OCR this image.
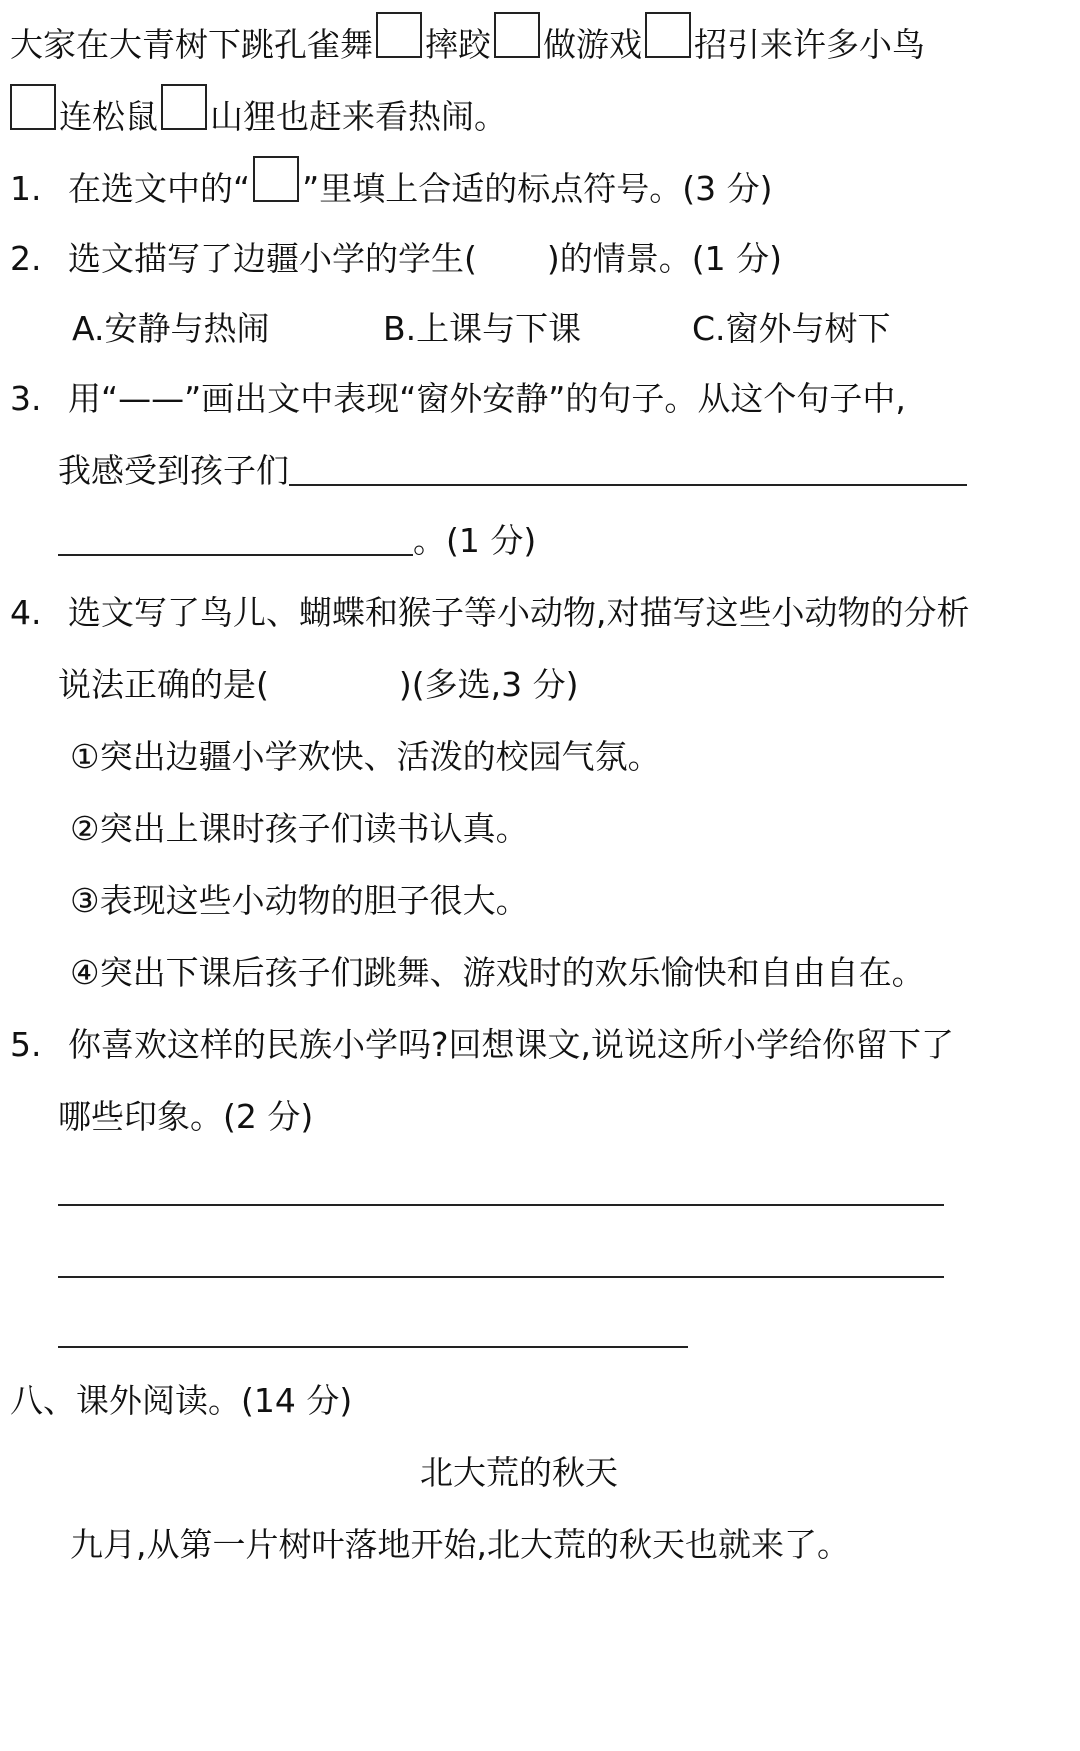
大家在大青树下跳孔雀舞 摔跤 做游戏 招引来许多小鸟
连松鼠 山狸也赶来看热闹。
1. 在选文中的“ ”里填上合适的标点符号。(3 分)
2. 选文描写了边疆小学的学生( )的情景。(1 分)
A.安静与热闹	B.上课与下课	C.窗外与树下
3. 用“——”画出文中表现“窗外安静”的句子。从这个句子中,
我感受到孩子们
。(1 分)
4. 选文写了鸟儿、蝴蝶和猴子等小动物,对描写这些小动物的分析
说法正确的是(	)(多选,3 分)
①突出边疆小学欢快、活泼的校园气氛。
②突出上课时孩子们读书认真。
③表现这些小动物的胆子很大。
④突出下课后孩子们跳舞、游戏时的欢乐愉快和自由自在。
5. 你喜欢这样的民族小学吗?回想课文,说说这所小学给你留下了
哪些印象。(2 分)
八、课外阅读。(14 分)
北大荒的秋天
九月,从第一片树叶落地开始,北大荒的秋天也就来了。
